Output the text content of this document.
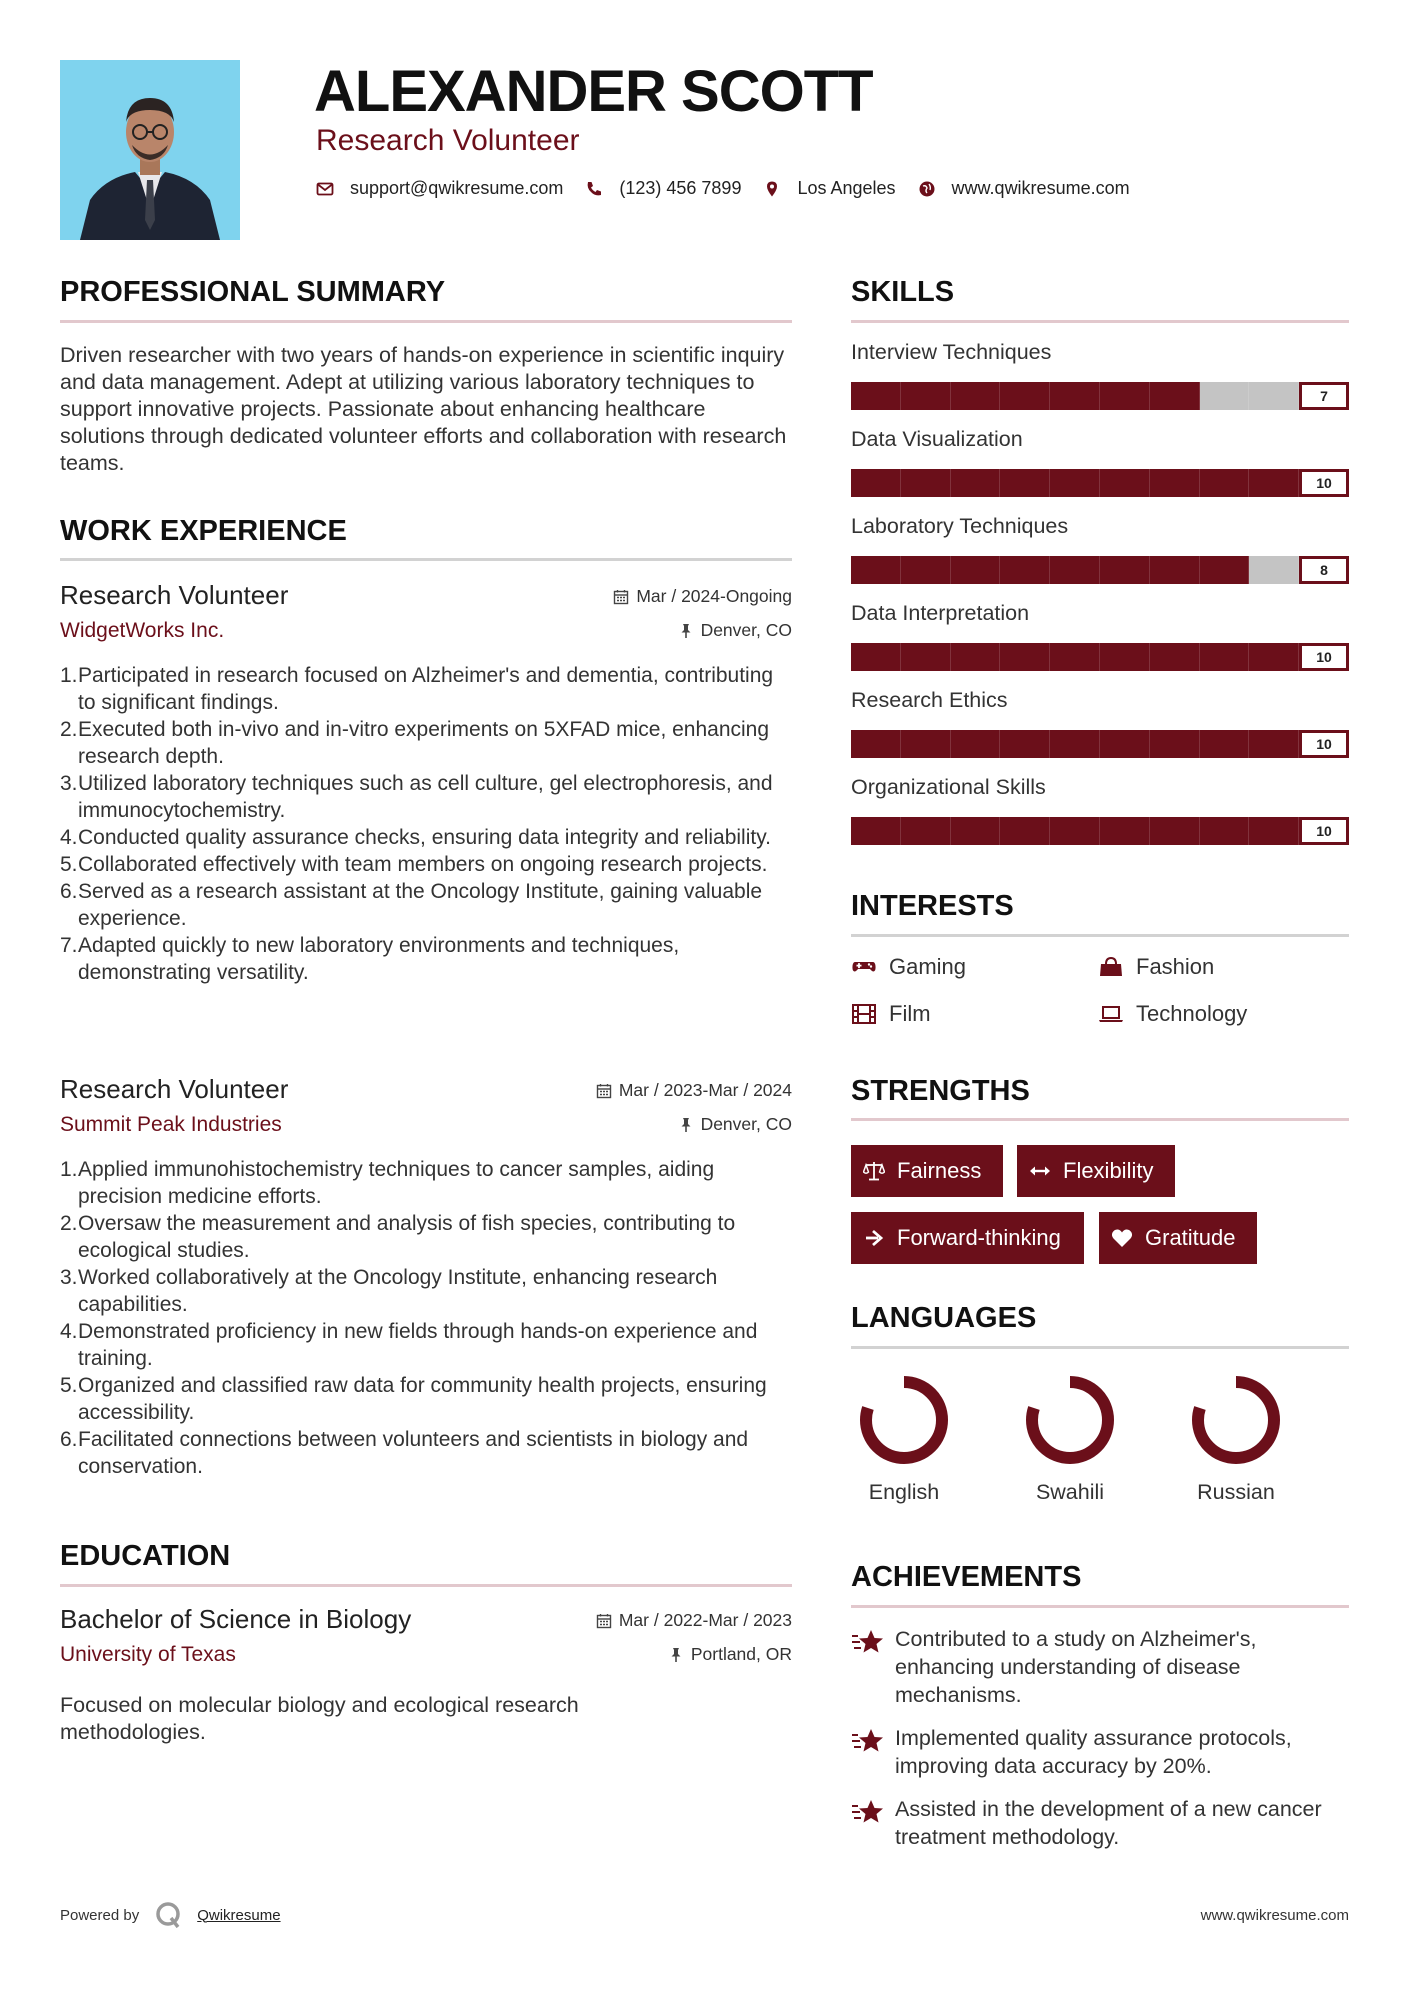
ALEXANDER SCOTT
Research Volunteer
support@qwikresume.com	(123) 456 7899	Los Angeles	www.qwikresume.com
PROFESSIONAL SUMMARY
Driven researcher with two years of hands-on experience in scientific inquiry and data management. Adept at utilizing various laboratory techniques to support innovative projects. Passionate about enhancing healthcare solutions through dedicated volunteer efforts and collaboration with research teams.
WORK EXPERIENCE
Research Volunteer
WidgetWorks Inc.
Mar / 2024-Ongoing
Denver, CO
1. Participated in research focused on Alzheimer's and dementia, contributing to significant findings.
2. Executed both in-vivo and in-vitro experiments on 5XFAD mice, enhancing research depth.
3. Utilized laboratory techniques such as cell culture, gel electrophoresis, and immunocytochemistry.
4. Conducted quality assurance checks, ensuring data integrity and reliability.
5. Collaborated effectively with team members on ongoing research projects.
6. Served as a research assistant at the Oncology Institute, gaining valuable experience.
7. Adapted quickly to new laboratory environments and techniques, demonstrating versatility.
Research Volunteer
Summit Peak Industries
Mar / 2023-Mar / 2024
Denver, CO
1. Applied immunohistochemistry techniques to cancer samples, aiding precision medicine efforts.
2. Oversaw the measurement and analysis of fish species, contributing to ecological studies.
3. Worked collaboratively at the Oncology Institute, enhancing research capabilities.
4. Demonstrated proficiency in new fields through hands-on experience and training.
5. Organized and classified raw data for community health projects, ensuring accessibility.
6. Facilitated connections between volunteers and scientists in biology and conservation.
EDUCATION
Bachelor of Science in Biology
University of Texas
Mar / 2022-Mar / 2023
Portland, OR
Focused on molecular biology and ecological research methodologies.
SKILLS
Interview Techniques
7
Data Visualization
10
Laboratory Techniques
8
Data Interpretation
10
Research Ethics
10
Organizational Skills
10
INTERESTS
Gaming	Fashion
Film	Technology
STRENGTHS
Fairness	Flexibility
Forward-thinking	Gratitude
LANGUAGES
English	Swahili	Russian
ACHIEVEMENTS
Contributed to a study on Alzheimer's, enhancing understanding of disease mechanisms.
Implemented quality assurance protocols, improving data accuracy by 20%.
Assisted in the development of a new cancer treatment methodology.
Powered by	Qwikresume	www.qwikresume.com
